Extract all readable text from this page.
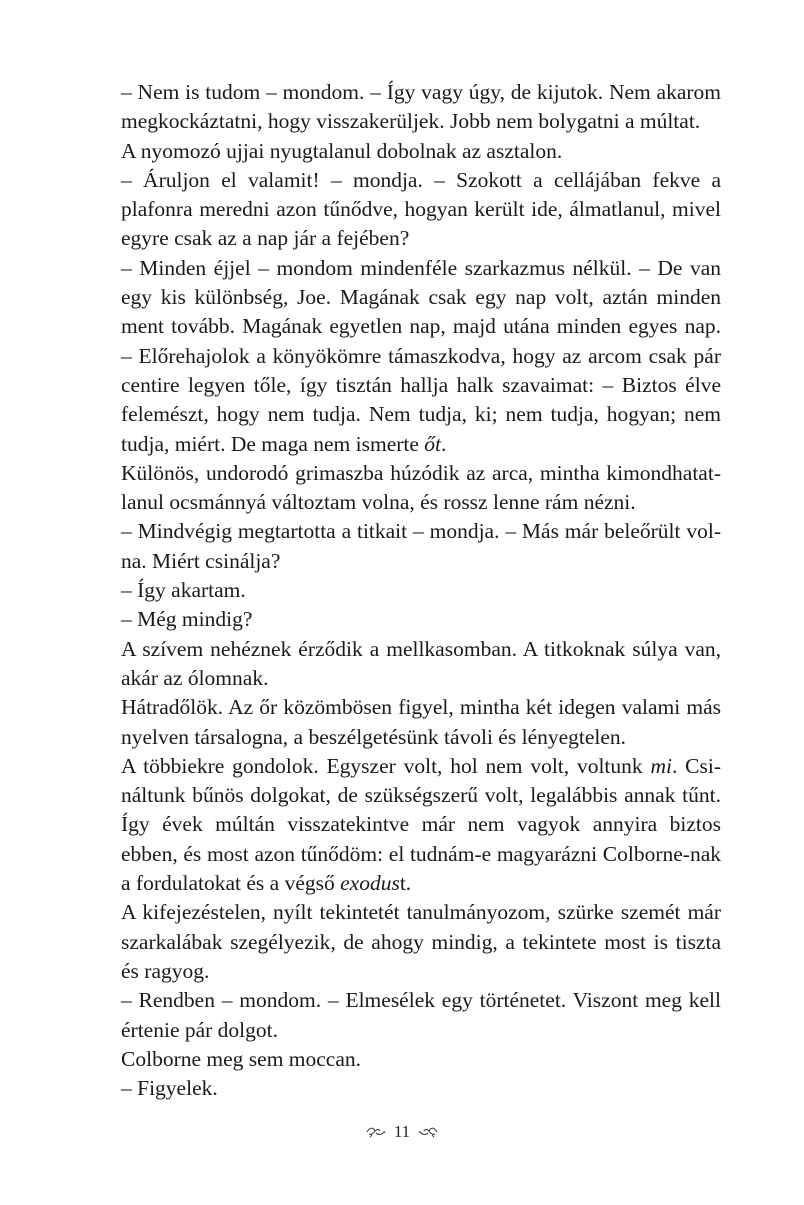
– Nem is tudom – mondom. – Így vagy úgy, de kijutok. Nem akarom megkockáztatni, hogy visszakerüljek. Jobb nem bolygatni a múltat.

A nyomozó ujjai nyugtalanul dobolnak az asztalon.

– Áruljon el valamit! – mondja. – Szokott a cellájában fekve a plafonra meredni azon tűnődve, hogyan került ide, álmatlanul, mivel egyre csak az a nap jár a fejében?

– Minden éjjel – mondom mindenféle szarkazmus nélkül. – De van egy kis különbség, Joe. Magának csak egy nap volt, aztán minden ment tovább. Magának egyetlen nap, majd utána minden egyes nap. – Előrehajolok a könyökömre támaszkodva, hogy az arcom csak pár centire legyen tőle, így tisztán hallja halk szavaimat: – Biztos élve felemészt, hogy nem tudja. Nem tudja, ki; nem tudja, hogyan; nem tudja, miért. De maga nem ismerte őt.

Különös, undorodó grimaszba húzódik az arca, mintha kimondhatatlanul ocsmánnyá változtam volna, és rossz lenne rám nézni.

– Mindvégig megtartotta a titkait – mondja. – Más már beleőrült volna. Miért csinálja?

– Így akartam.

– Még mindig?

A szívem nehéznek érződik a mellkasomban. A titkoknak súlya van, akár az ólomnak.

Hátradőlök. Az őr közömbösen figyel, mintha két idegen valami más nyelven társalogna, a beszélgetésünk távoli és lényegtelen.

A többiekre gondolok. Egyszer volt, hol nem volt, voltunk mi. Csináltunk bűnös dolgokat, de szükségszerű volt, legalábbis annak tűnt. Így évek múltán visszatekintve már nem vagyok annyira biztos ebben, és most azon tűnődöm: el tudnám-e magyarázni Colborne-nak a fordulatokat és a végső exodust.

A kifejezéstelen, nyílt tekintetét tanulmányozom, szürke szemét már szarkalábak szegélyezik, de ahogy mindig, a tekintete most is tiszta és ragyog.

– Rendben – mondom. – Elmesélek egy történetet. Viszont meg kell értenie pár dolgot.

Colborne meg sem moccan.

– Figyelek.

11
